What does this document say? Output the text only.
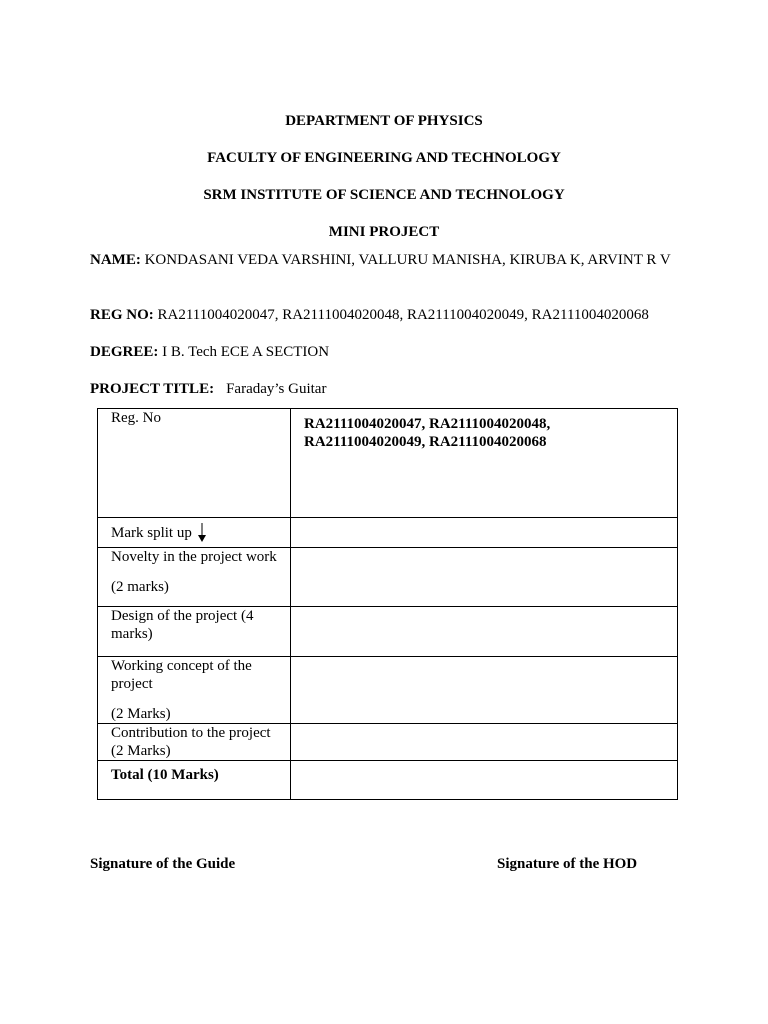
DEPARTMENT OF PHYSICS
FACULTY OF ENGINEERING AND TECHNOLOGY
SRM INSTITUTE OF SCIENCE AND TECHNOLOGY
MINI PROJECT
NAME: KONDASANI VEDA VARSHINI, VALLURU MANISHA, KIRUBA K, ARVINT R V
REG NO: RA2111004020047, RA2111004020048, RA2111004020049, RA2111004020068
DEGREE: I B. Tech ECE A SECTION
PROJECT TITLE: Faraday’s Guitar
Reg. No	RA2111004020047, RA2111004020048,
RA2111004020049, RA2111004020068
Mark split up	
Novelty in the project work
(2 marks)	
Design of the project (4 marks)	
Working concept of the project
(2 Marks)	
Contribution to the project (2 Marks)	
Total (10 Marks)	
Signature of the Guide	Signature of the HOD
